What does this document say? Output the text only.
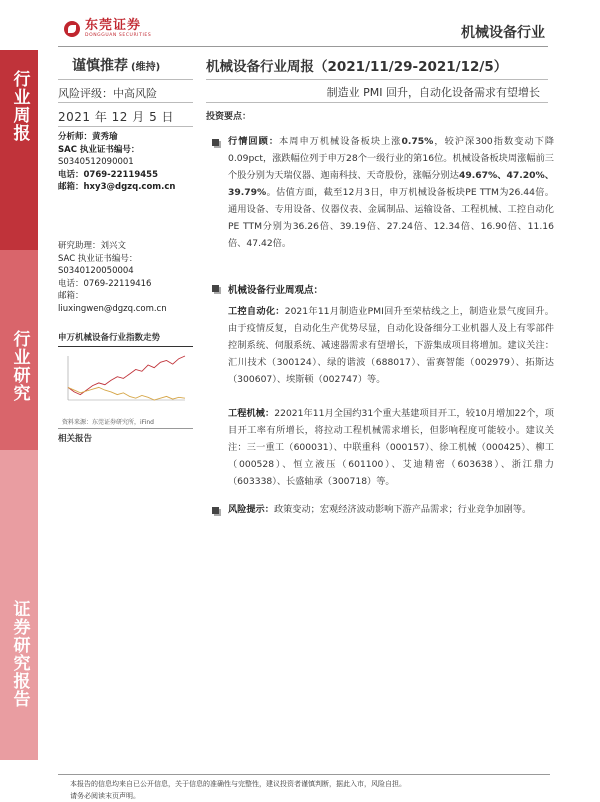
行业周报
行业研究
证券研究报告
东莞证券
DONGGUAN SECURITIES	机械设备行业
谨慎推荐 (维持)
风险评级：中高风险
2021 年 12 月 5 日
分析师：黄秀瑜
SAC 执业证书编号：
S0340512090001
电话：0769-22119455
邮箱：hxy3@dgzq.com.cn
研究助理：刘兴文
SAC 执业证书编号：
S0340120050004
电话：0769-22119416
邮箱：
liuxingwen@dgzq.com.cn
申万机械设备行业指数走势
资料来源：东莞证券研究所，iFind
相关报告
机械设备行业周报（2021/11/29-2021/12/5）
制造业 PMI 回升，自动化设备需求有望增长
投资要点：
行情回顾：本周申万机械设备板块上涨0.75%，较沪深300指数变动下降0.09pct，涨跌幅位列于申万28个一级行业的第16位。机械设备板块周涨幅前三个股分别为天瑞仪器、迦南科技、天奇股份，涨幅分别达49.67%、47.20%、39.79%。估值方面，截至12月3日，申万机械设备板块PE TTM为26.44倍。通用设备、专用设备、仪器仪表、金属制品、运输设备、工程机械、工控自动化PE TTM分别为36.26倍、39.19倍、27.24倍、12.34倍、16.90倍、11.16倍、47.42倍。
机械设备行业周观点：
工控自动化：2021年11月制造业PMI回升至荣枯线之上，制造业景气度回升。由于疫情反复，自动化生产优势尽显，自动化设备细分工业机器人及上有零部件控制系统、伺服系统、减速器需求有望增长，下游集成项目将增加。建议关注：汇川技术（300124）、绿的谐波（688017）、雷赛智能（002979）、拓斯达（300607）、埃斯顿（002747）等。
工程机械：22021年11月全国约31个重大基建项目开工，较10月增加22个，项目开工率有所增长，将拉动工程机械需求增长，但影响程度可能较小。建议关注：三一重工（600031）、中联重科（000157）、徐工机械（000425）、柳工（000528）、恒立液压（601100）、艾迪精密（603638）、浙江鼎力（603338）、长盛轴承（300718）等。
风险提示：政策变动；宏观经济波动影响下游产品需求；行业竞争加剧等。
本报告的信息均来自已公开信息，关于信息的准确性与完整性，建议投资者谨慎判断，据此入市，风险自担。
请务必阅读末页声明。
